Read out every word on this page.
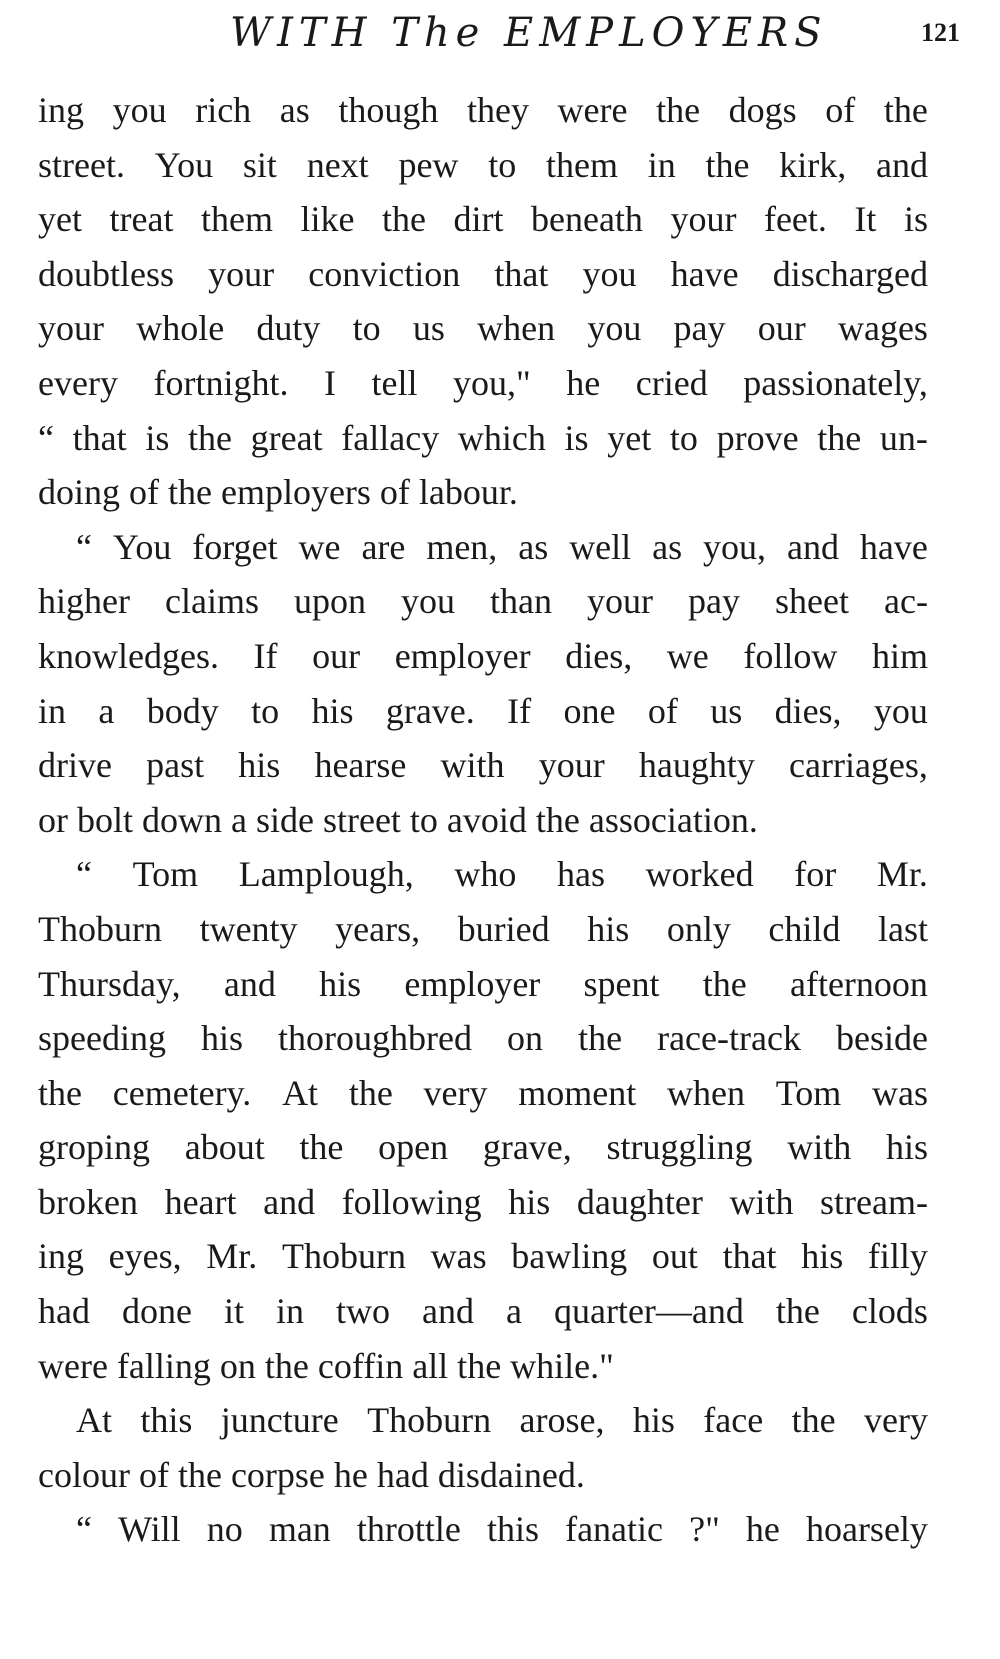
WITH The EMPLOYERS	121
ing you rich as though they were the dogs of the
street. You sit next pew to them in the kirk, and
yet treat them like the dirt beneath your feet. It is
doubtless your conviction that you have discharged
your whole duty to us when you pay our wages
every fortnight. I tell you," he cried passionately,
“ that is the great fallacy which is yet to prove the un-
doing of the employers of labour.
“ You forget we are men, as well as you, and have
higher claims upon you than your pay sheet ac-
knowledges. If our employer dies, we follow him
in a body to his grave. If one of us dies, you
drive past his hearse with your haughty carriages,
or bolt down a side street to avoid the association.
“ Tom Lamplough, who has worked for Mr.
Thoburn twenty years, buried his only child last
Thursday, and his employer spent the afternoon
speeding his thoroughbred on the race-track beside
the cemetery. At the very moment when Tom was
groping about the open grave, struggling with his
broken heart and following his daughter with stream-
ing eyes, Mr. Thoburn was bawling out that his filly
had done it in two and a quarter—and the clods
were falling on the coffin all the while."
At this juncture Thoburn arose, his face the very
colour of the corpse he had disdained.
“ Will no man throttle this fanatic ?" he hoarsely
